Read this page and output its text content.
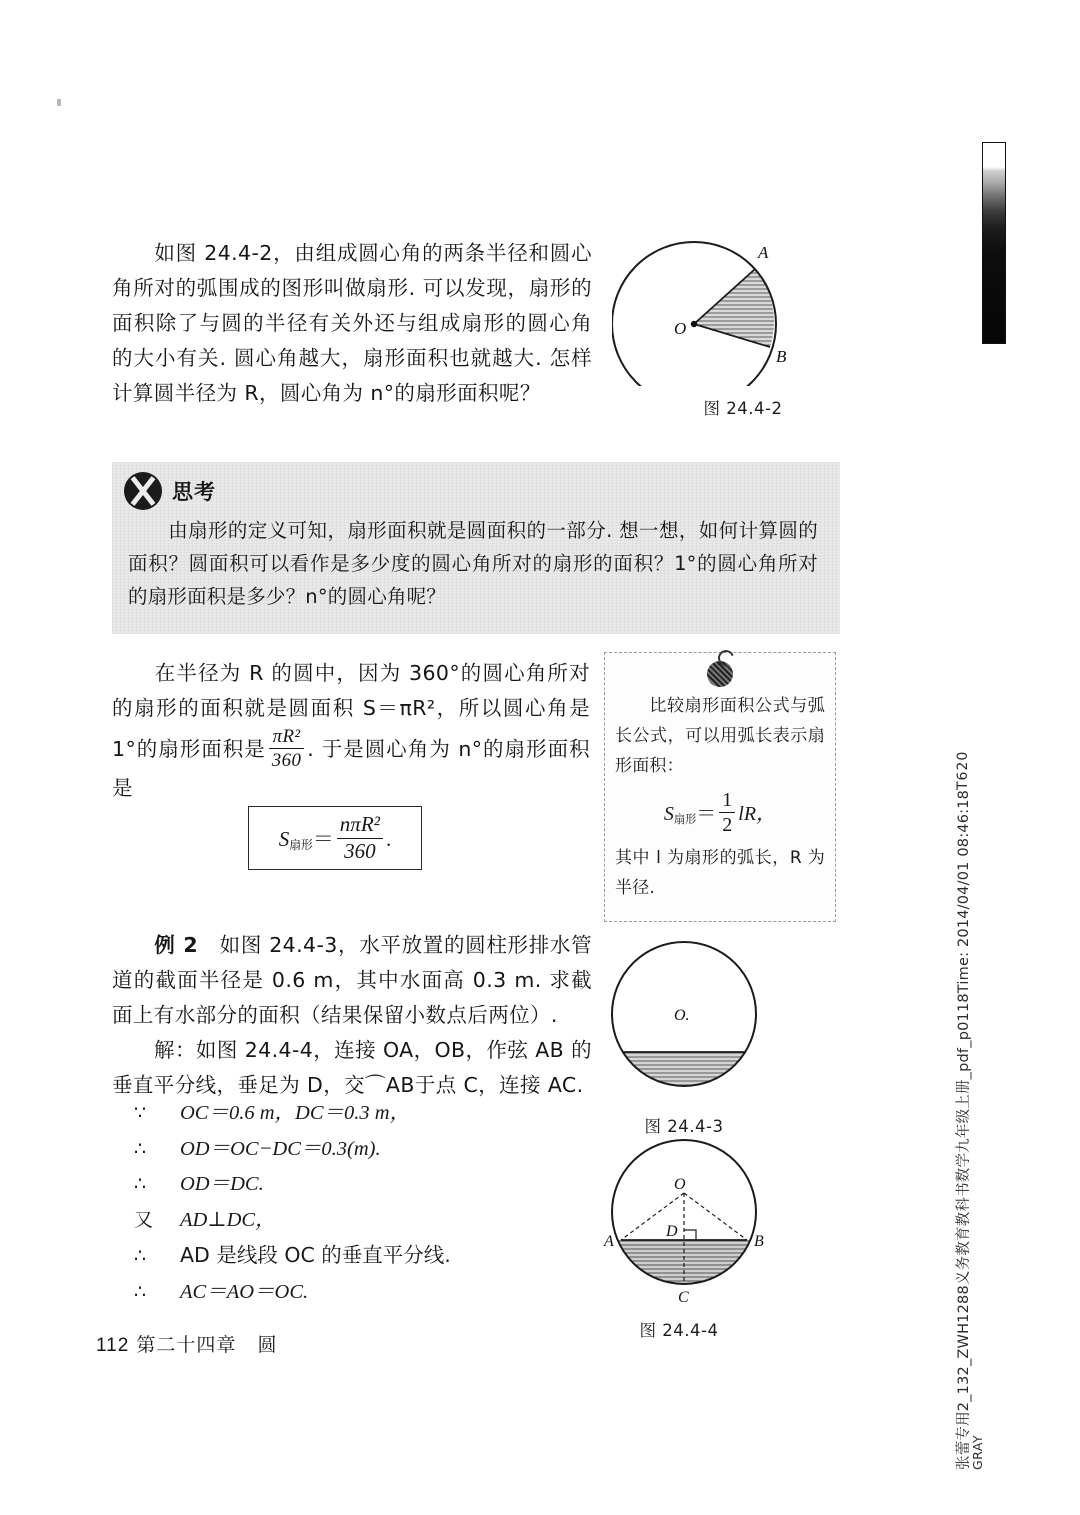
如图 24.4-2，由组成圆心角的两条半径和圆心角所对的弧围成的图形叫做扇形. 可以发现，扇形的面积除了与圆的半径有关外还与组成扇形的圆心角的大小有关. 圆心角越大，扇形面积也就越大. 怎样计算圆半径为 R，圆心角为 n°的扇形面积呢？
O
A
B
图 24.4-2
思考
由扇形的定义可知，扇形面积就是圆面积的一部分. 想一想，如何计算圆的面积？圆面积可以看作是多少度的圆心角所对的扇形的面积？1°的圆心角所对的扇形面积是多少？n°的圆心角呢？
在半径为 R 的圆中，因为 360°的圆心角所对的扇形的面积就是圆面积 S＝πR²，所以圆心角是 1°的扇形面积是 $\frac{\text{πR²}}{360}$ . 于是圆心角为 n°的扇形面积是
$S_{扇形}= \frac{\text{nπR²}}{360}$ .
比较扇形面积公式与弧长公式，可以用弧长表示扇形面积：
$S_{扇形}= \frac{1}{2}$ lR，
其中 l 为扇形的弧长，R 为半径.
例 2 如图 24.4-3，水平放置的圆柱形排水管道的截面半径是 0.6 m，其中水面高 0.3 m. 求截面上有水部分的面积（结果保留小数点后两位）.
解：如图 24.4-4，连接 OA，OB，作弦 AB 的垂直平分线，垂足为 D，交⌒AB于点 C，连接 AC.
∵	OC＝0.6 m，DC＝0.3 m，
∴	OD＝OC−DC＝0.3(m).
∴	OD＝DC.
又	AD⊥DC，
∴	AD 是线段 OC 的垂直平分线.
∴	AC＝AO＝OC.
O.
图 24.4-3
O
D
A	B
C
图 24.4-4
112 第二十四章 圆	张蕾专用2_132_ZWH1288义务教育教科书数学九年级上册_pdf_p0118Time: 2014/04/01 08:46:18
GRAY
T620
